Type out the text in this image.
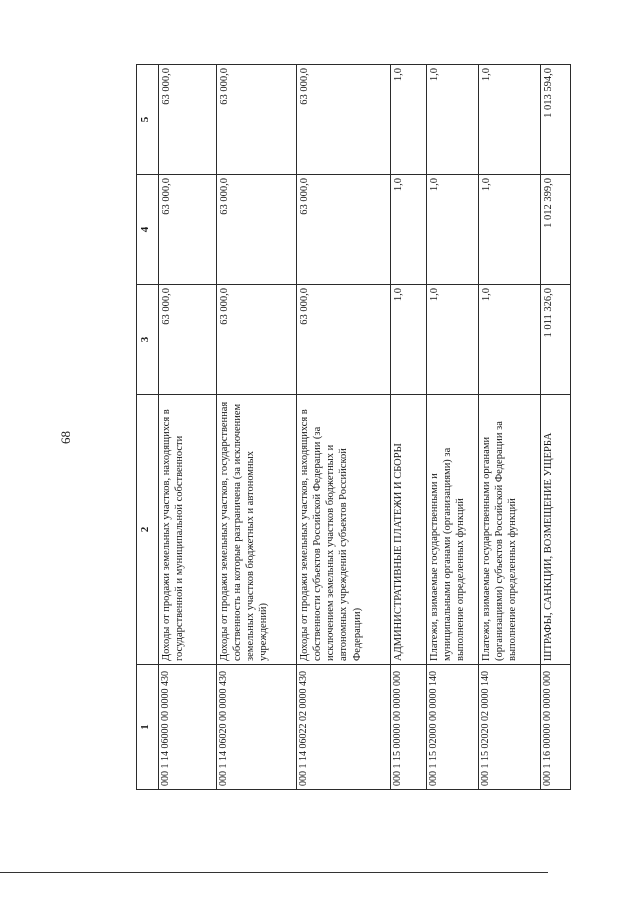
68
1	2	3	4	5
000 1 14 06000 00 0000 430	Доходы от продажи земельных участков, находящихся в государственной и муниципальной собственности	63 000,0	63 000,0	63 000,0
000 1 14 06020 00 0000 430	Доходы от продажи земельных участков, государственная собственность на которые разграничена (за исключением земельных участков бюджетных и автономных учреждений)	63 000,0	63 000,0	63 000,0
000 1 14 06022 02 0000 430	Доходы от продажи земельных участков, находящихся в собственности субъектов Российской Федерации (за исключением земельных участков бюджетных и автономных учреждений субъектов Российской Федерации)	63 000,0	63 000,0	63 000,0
000 1 15 00000 00 0000 000	АДМИНИСТРАТИВНЫЕ ПЛАТЕЖИ И СБОРЫ	1,0	1,0	1,0
000 1 15 02000 00 0000 140	Платежи, взимаемые государственными и муниципальными органами (организациями) за выполнение определенных функций	1,0	1,0	1,0
000 1 15 02020 02 0000 140	Платежи, взимаемые государственными органами (организациями) субъектов Российской Федерации за выполнение определенных функций	1,0	1,0	1,0
000 1 16 00000 00 0000 000	ШТРАФЫ, САНКЦИИ, ВОЗМЕЩЕНИЕ УЩЕРБА	1 011 326,0	1 012 399,0	1 013 594,0
